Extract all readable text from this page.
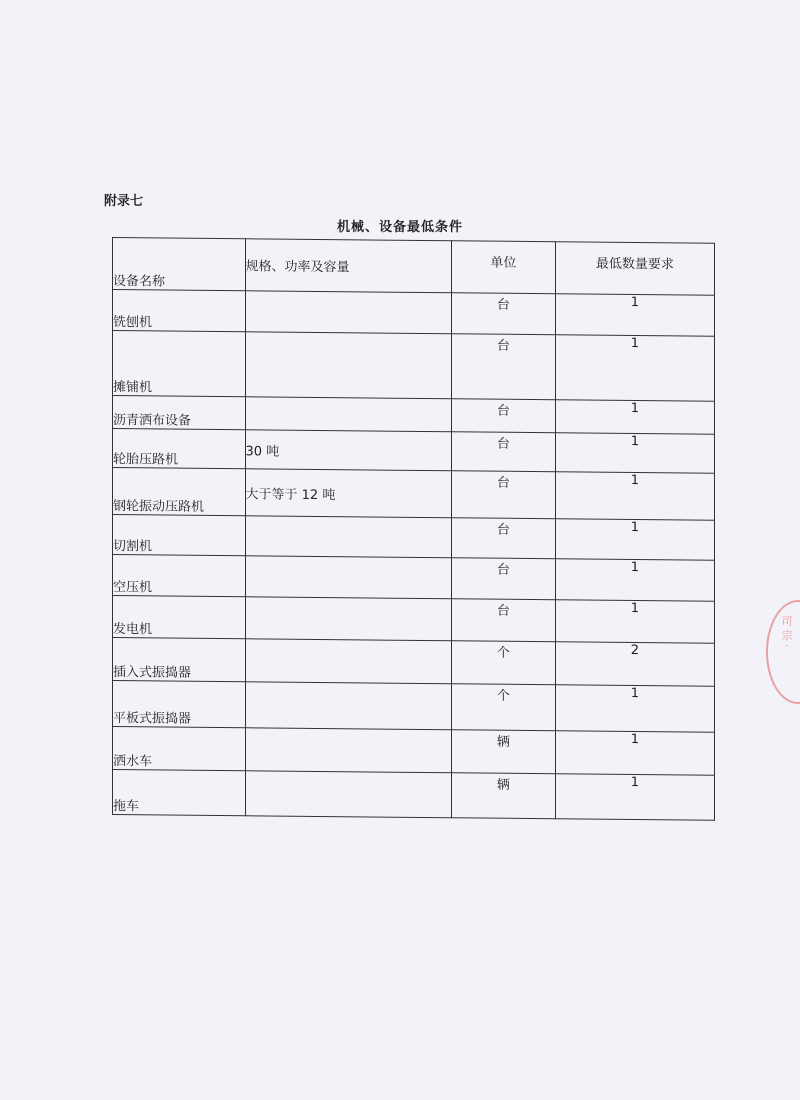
附录七
机械、设备最低条件
设备名称	规格、功率及容量	单位	最低数量要求
铣刨机		台	1
摊铺机		台	1
沥青洒布设备		台	1
轮胎压路机	30 吨	台	1
钢轮振动压路机	大于等于 12 吨	台	1
切割机		台	1
空压机		台	1
发电机		台	1
插入式振捣器		个	2
平板式振捣器		个	1
洒水车		辆	1
拖车		辆	1
司 宗 ·
